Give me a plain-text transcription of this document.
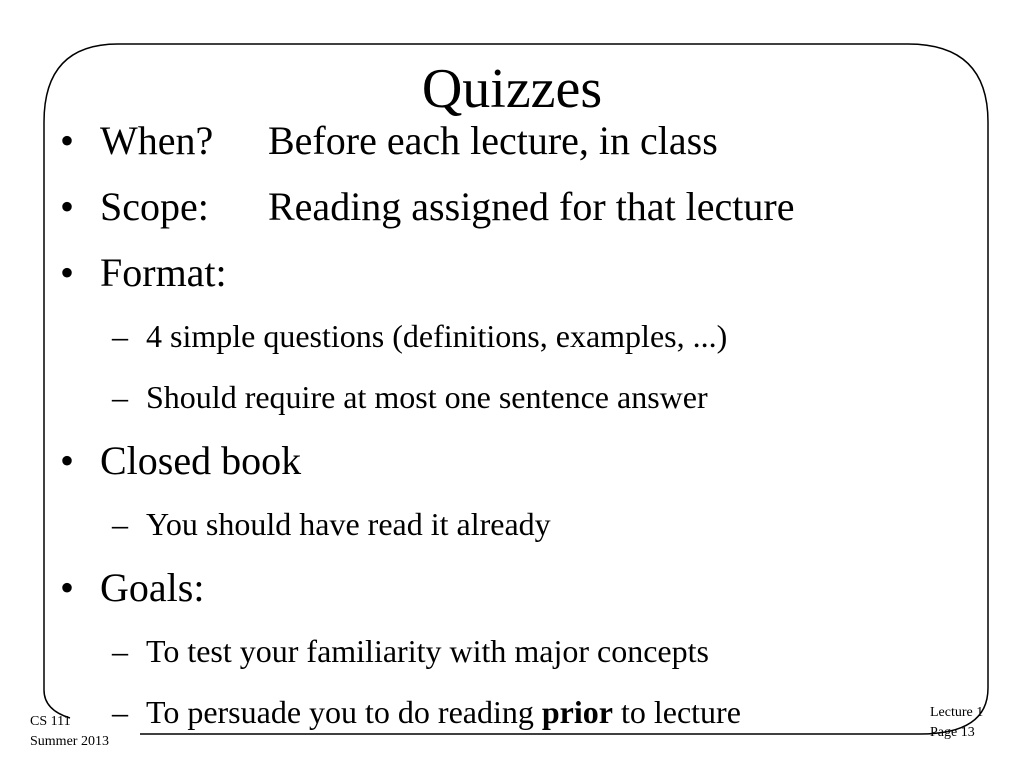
Quizzes
• When? Before each lecture, in class
• Scope: Reading assigned for that lecture
• Format:
– 4 simple questions (definitions, examples, ...)
– Should require at most one sentence answer
• Closed book
– You should have read it already
• Goals:
– To test your familiarity with major concepts
– To persuade you to do reading prior to lecture
CS 111
Summer 2013
Lecture 1
Page 13
